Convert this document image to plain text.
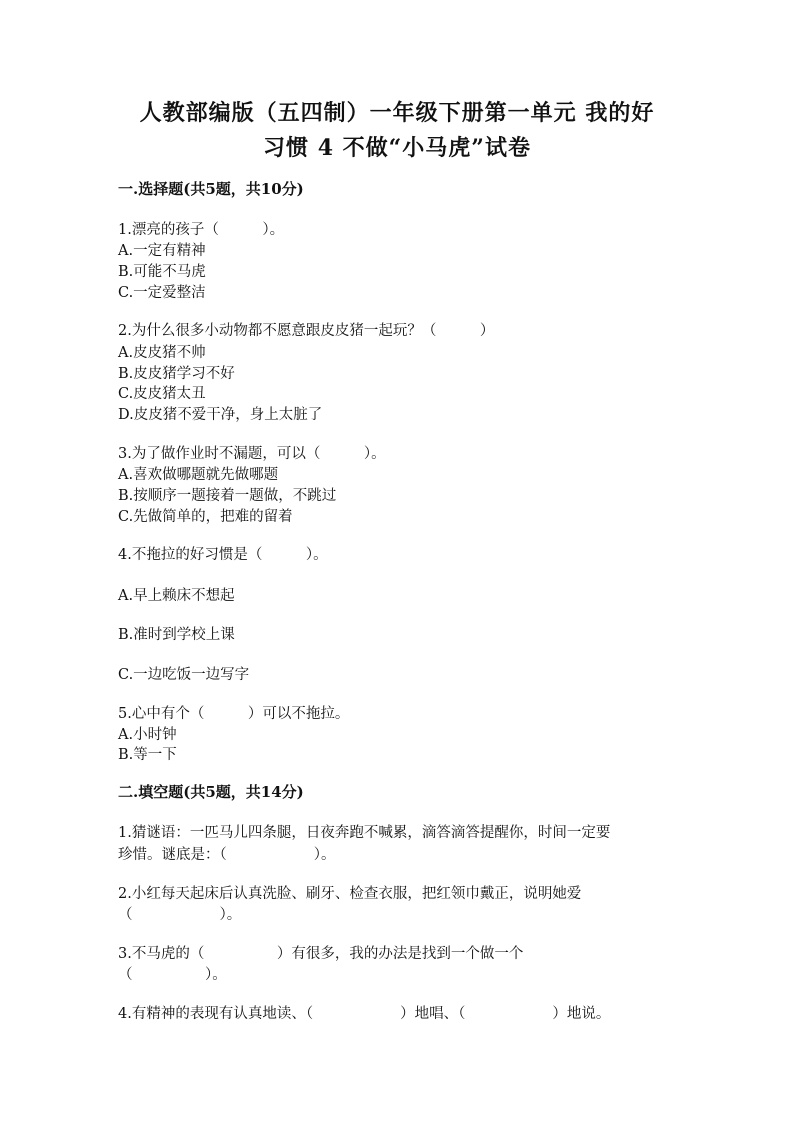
人教部编版（五四制）一年级下册第一单元 我的好
习惯 4 不做“小马虎”试卷
一.选择题(共5题，共10分)
1.漂亮的孩子（　　　）。
A.一定有精神
B.可能不马虎
C.一定爱整洁
2.为什么很多小动物都不愿意跟皮皮猪一起玩？（　　　）
A.皮皮猪不帅
B.皮皮猪学习不好
C.皮皮猪太丑
D.皮皮猪不爱干净，身上太脏了
3.为了做作业时不漏题，可以（　　　）。
A.喜欢做哪题就先做哪题
B.按顺序一题接着一题做，不跳过
C.先做简单的，把难的留着
4.不拖拉的好习惯是（　　　）。
A.早上赖床不想起
B.准时到学校上课
C.一边吃饭一边写字
5.心中有个（　　　）可以不拖拉。
A.小时钟
B.等一下
二.填空题(共5题，共14分)
1.猜谜语：一匹马儿四条腿，日夜奔跑不喊累，滴答滴答提醒你，时间一定要
珍惜。谜底是：（　　　　　　）。
2.小红每天起床后认真洗脸、刷牙、检查衣服，把红领巾戴正，说明她爱
（　　　　　　）。
3.不马虎的（　　　　　）有很多，我的办法是找到一个做一个
（　　　　　）。
4.有精神的表现有认真地读、（　　　　　　）地唱、（　　　　　　）地说。
